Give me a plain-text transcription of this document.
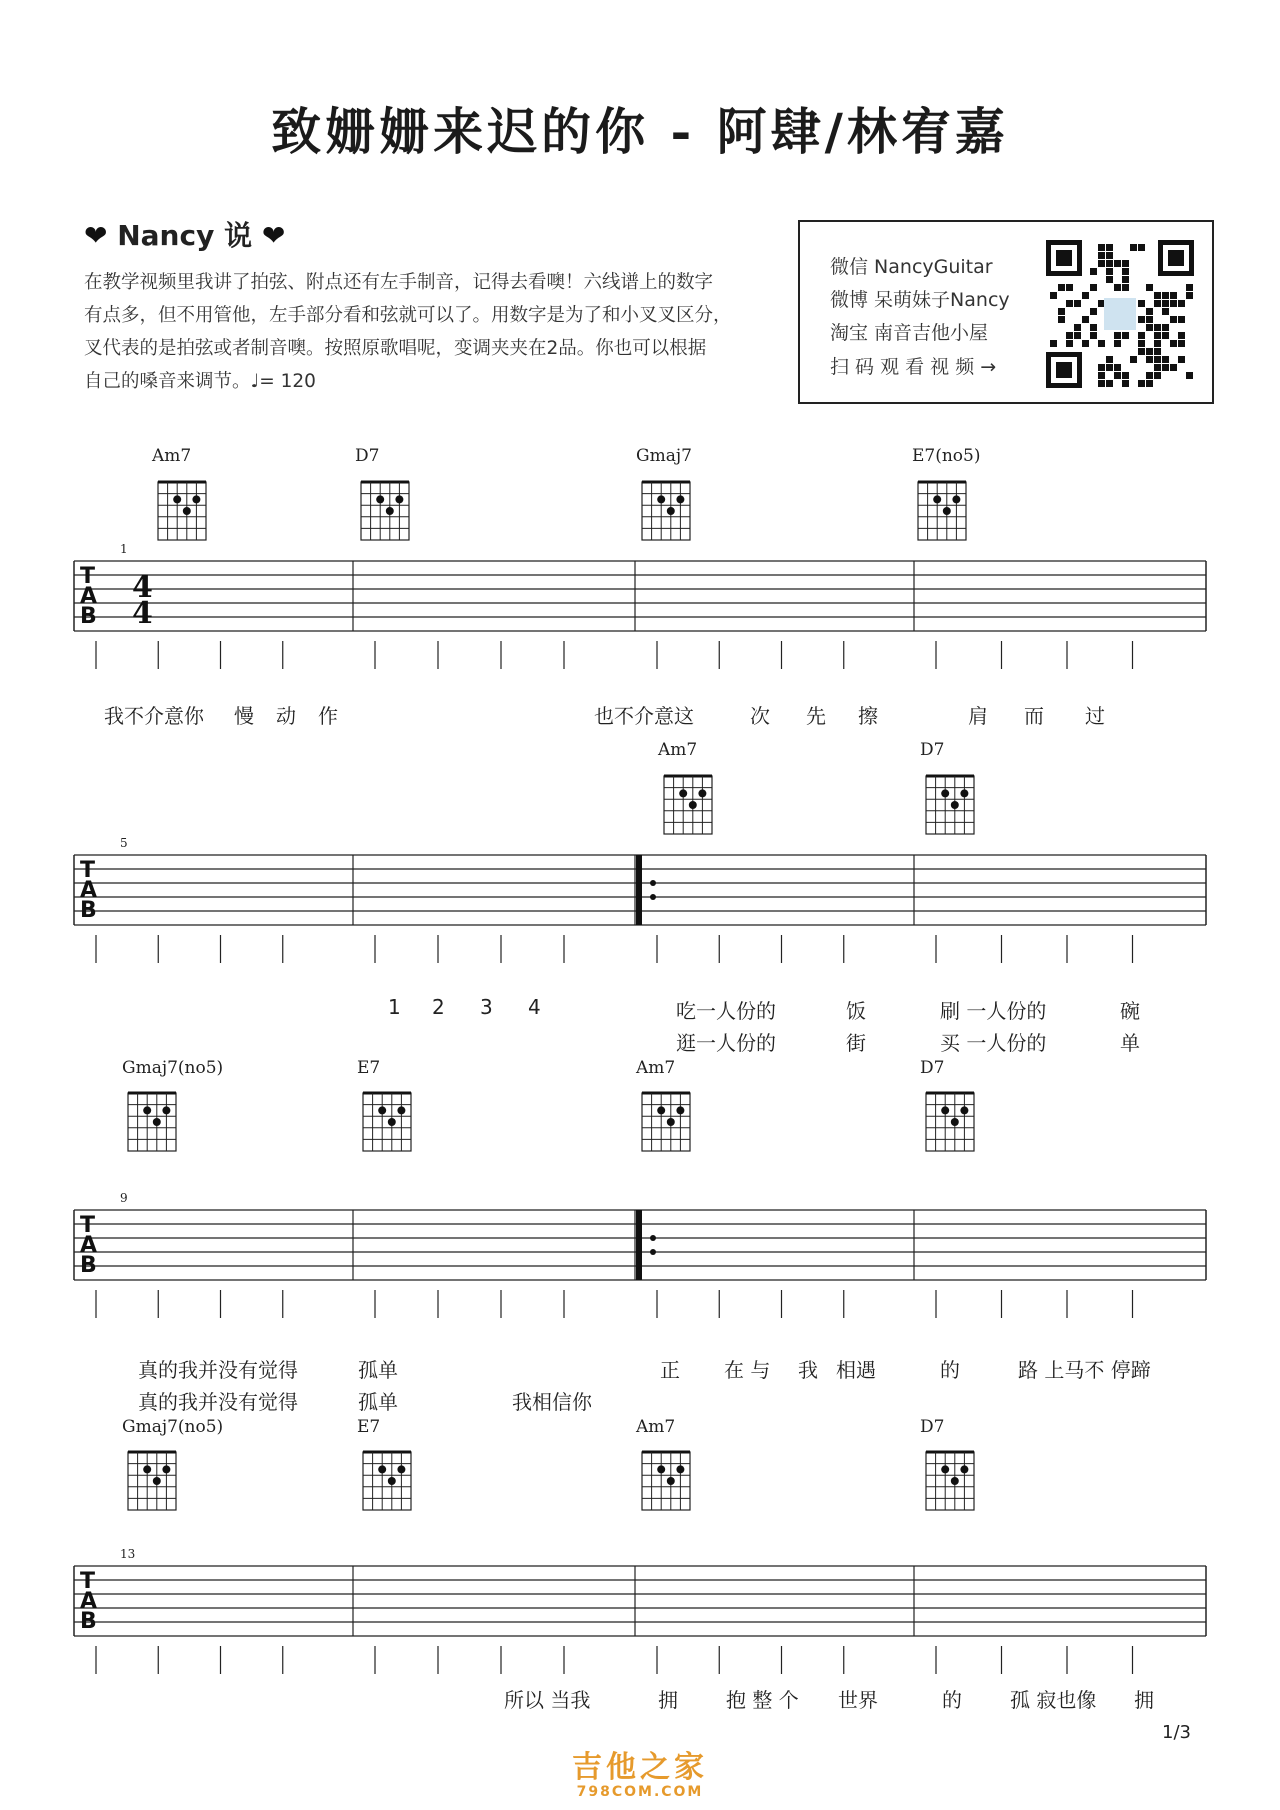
致姗姗来迟的你 - 阿肆/林宥嘉
❤ Nancy 说 ❤
在教学视频里我讲了拍弦、附点还有左手制音，记得去看噢！六线谱上的数字
有点多，但不用管他，左手部分看和弦就可以了。用数字是为了和小叉叉区分，
叉代表的是拍弦或者制音噢。按照原歌唱呢，变调夹夹在2品。你也可以根据
自己的嗓音来调节。♩= 120
微信 NancyGuitar
微博 呆萌妹子Nancy
淘宝 南音吉他小屋
扫 码 观 看 视 频 →
T
A
B
1
T
A
B
5
T
A
B
9
T
A
B
13
4
4
Am7	D7	Gmaj7	E7(no5)
Am7	D7
Gmaj7(no5)	E7	Am7	D7
Gmaj7(no5)	E7	Am7	D7
我不介意你 慢 动 作	也不介意这	次 先 擦	肩 而 过
1 2 3 4	吃一人份的	饭	刷 一人份的	碗
逛一人份的	街	买 一人份的	单
真的我并没有觉得	孤单	正 在 与 我 相遇	的	路 上马不 停蹄
真的我并没有觉得	孤单	我相信你
所以 当我	拥 抱 整 个 世界	的 孤 寂也像 拥
1/3
吉他之家
798COM.COM
